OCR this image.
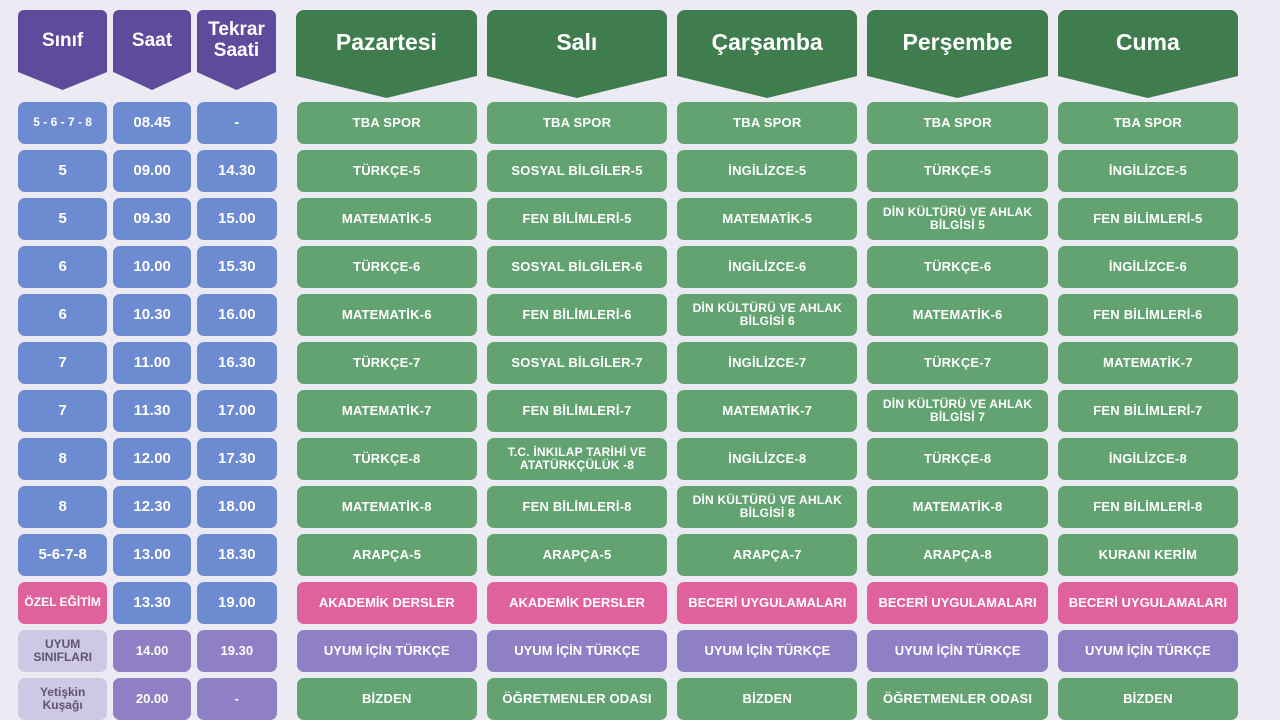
Sınıf	Saat	Tekrar Saati	Pazartesi	Salı	Çarşamba	Perşembe	Cuma
5 - 6 - 7 - 8	08.45	-	TBA SPOR	TBA SPOR	TBA SPOR	TBA SPOR	TBA SPOR
5	09.00	14.30	TÜRKÇE-5	SOSYAL BİLGİLER-5	İNGİLİZCE-5	TÜRKÇE-5	İNGİLİZCE-5
5	09.30	15.00	MATEMATİK-5	FEN BİLİMLERİ-5	MATEMATİK-5	DİN KÜLTÜRÜ VE AHLAK BİLGİSİ 5	FEN BİLİMLERİ-5
6	10.00	15.30	TÜRKÇE-6	SOSYAL BİLGİLER-6	İNGİLİZCE-6	TÜRKÇE-6	İNGİLİZCE-6
6	10.30	16.00	MATEMATİK-6	FEN BİLİMLERİ-6	DİN KÜLTÜRÜ VE AHLAK BİLGİSİ 6	MATEMATİK-6	FEN BİLİMLERİ-6
7	11.00	16.30	TÜRKÇE-7	SOSYAL BİLGİLER-7	İNGİLİZCE-7	TÜRKÇE-7	MATEMATİK-7
7	11.30	17.00	MATEMATİK-7	FEN BİLİMLERİ-7	MATEMATİK-7	DİN KÜLTÜRÜ VE AHLAK BİLGİSİ 7	FEN BİLİMLERİ-7
8	12.00	17.30	TÜRKÇE-8	T.C. İNKILAP TARİHİ VE ATATÜRKÇÜLÜK -8	İNGİLİZCE-8	TÜRKÇE-8	İNGİLİZCE-8
8	12.30	18.00	MATEMATİK-8	FEN BİLİMLERİ-8	DİN KÜLTÜRÜ VE AHLAK BİLGİSİ 8	MATEMATİK-8	FEN BİLİMLERİ-8
5-6-7-8	13.00	18.30	ARAPÇA-5	ARAPÇA-5	ARAPÇA-7	ARAPÇA-8	KURANI KERİM
ÖZEL EĞİTİM	13.30	19.00	AKADEMİK DERSLER	AKADEMİK DERSLER	BECERİ UYGULAMALARI	BECERİ UYGULAMALARI	BECERİ UYGULAMALARI
UYUM SINIFLARI	14.00	19.30	UYUM İÇİN TÜRKÇE	UYUM İÇİN TÜRKÇE	UYUM İÇİN TÜRKÇE	UYUM İÇİN TÜRKÇE	UYUM İÇİN TÜRKÇE
Yetişkin Kuşağı	20.00	-	BİZDEN	ÖĞRETMENLER ODASI	BİZDEN	ÖĞRETMENLER ODASI	BİZDEN
